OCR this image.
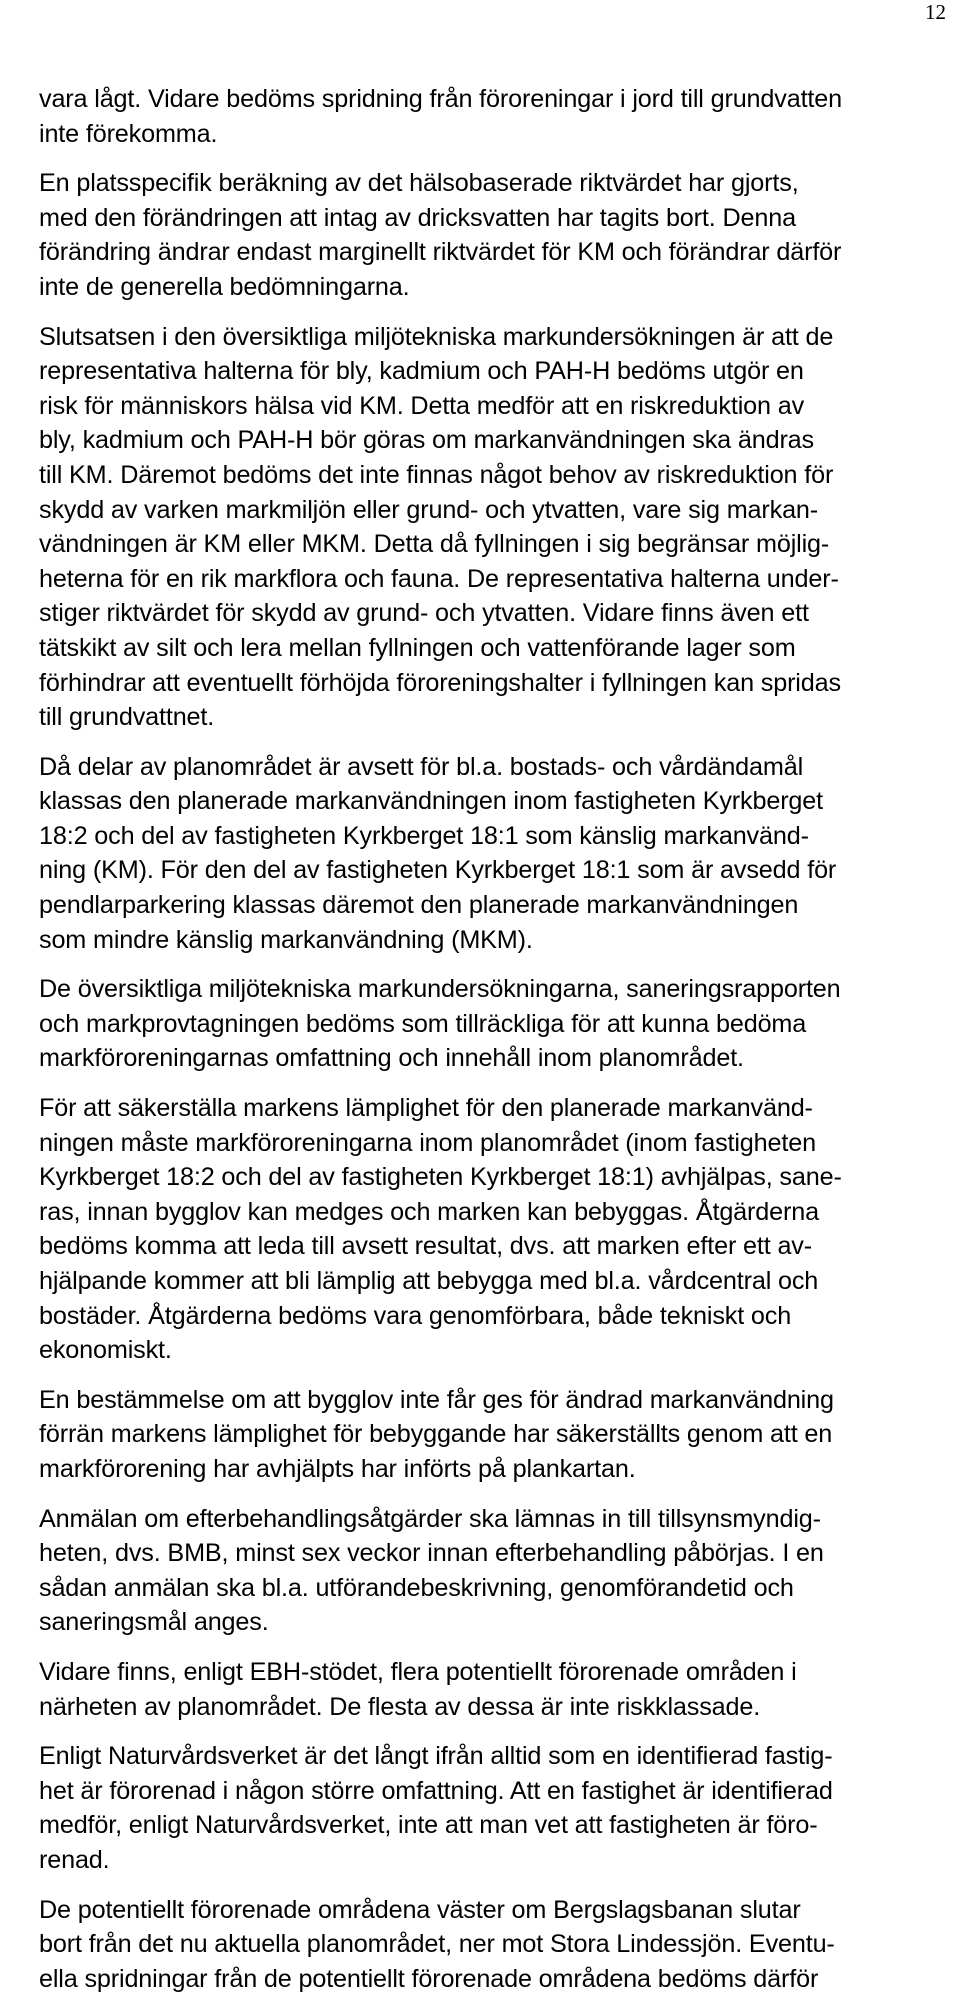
12

vara lågt. Vidare bedöms spridning från föroreningar i jord till grundvatten
inte förekomma.

En platsspecifik beräkning av det hälsobaserade riktvärdet har gjorts,
med den förändringen att intag av dricksvatten har tagits bort. Denna
förändring ändrar endast marginellt riktvärdet för KM och förändrar därför
inte de generella bedömningarna.

Slutsatsen i den översiktliga miljötekniska markundersökningen är att de
representativa halterna för bly, kadmium och PAH-H bedöms utgör en
risk för människors hälsa vid KM. Detta medför att en riskreduktion av
bly, kadmium och PAH-H bör göras om markanvändningen ska ändras
till KM. Däremot bedöms det inte finnas något behov av riskreduktion för
skydd av varken markmiljön eller grund- och ytvatten, vare sig markan-
vändningen är KM eller MKM. Detta då fyllningen i sig begränsar möjlig-
heterna för en rik markflora och fauna. De representativa halterna under-
stiger riktvärdet för skydd av grund- och ytvatten. Vidare finns även ett
tätskikt av silt och lera mellan fyllningen och vattenförande lager som
förhindrar att eventuellt förhöjda föroreningshalter i fyllningen kan spridas
till grundvattnet.

Då delar av planområdet är avsett för bl.a. bostads- och vårdändamål
klassas den planerade markanvändningen inom fastigheten Kyrkberget
18:2 och del av fastigheten Kyrkberget 18:1 som känslig markanvänd-
ning (KM). För den del av fastigheten Kyrkberget 18:1 som är avsedd för
pendlarparkering klassas däremot den planerade markanvändningen
som mindre känslig markanvändning (MKM).

De översiktliga miljötekniska markundersökningarna, saneringsrapporten
och markprovtagningen bedöms som tillräckliga för att kunna bedöma
markföroreningarnas omfattning och innehåll inom planområdet.

För att säkerställa markens lämplighet för den planerade markanvänd-
ningen måste markföroreningarna inom planområdet (inom fastigheten
Kyrkberget 18:2 och del av fastigheten Kyrkberget 18:1) avhjälpas, sane-
ras, innan bygglov kan medges och marken kan bebyggas. Åtgärderna
bedöms komma att leda till avsett resultat, dvs. att marken efter ett av-
hjälpande kommer att bli lämplig att bebygga med bl.a. vårdcentral och
bostäder. Åtgärderna bedöms vara genomförbara, både tekniskt och
ekonomiskt.

En bestämmelse om att bygglov inte får ges för ändrad markanvändning
förrän markens lämplighet för bebyggande har säkerställts genom att en
markförorening har avhjälpts har införts på plankartan.

Anmälan om efterbehandlingsåtgärder ska lämnas in till tillsynsmyndig-
heten, dvs. BMB, minst sex veckor innan efterbehandling påbörjas. I en
sådan anmälan ska bl.a. utförandebeskrivning, genomförandetid och
saneringsmål anges.

Vidare finns, enligt EBH-stödet, flera potentiellt förorenade områden i
närheten av planområdet. De flesta av dessa är inte riskklassade.

Enligt Naturvårdsverket är det långt ifrån alltid som en identifierad fastig-
het är förorenad i någon större omfattning. Att en fastighet är identifierad
medför, enligt Naturvårdsverket, inte att man vet att fastigheten är föro-
renad.

De potentiellt förorenade områdena väster om Bergslagsbanan slutar
bort från det nu aktuella planområdet, ner mot Stora Lindessjön. Eventu-
ella spridningar från de potentiellt förorenade områdena bedöms därför
